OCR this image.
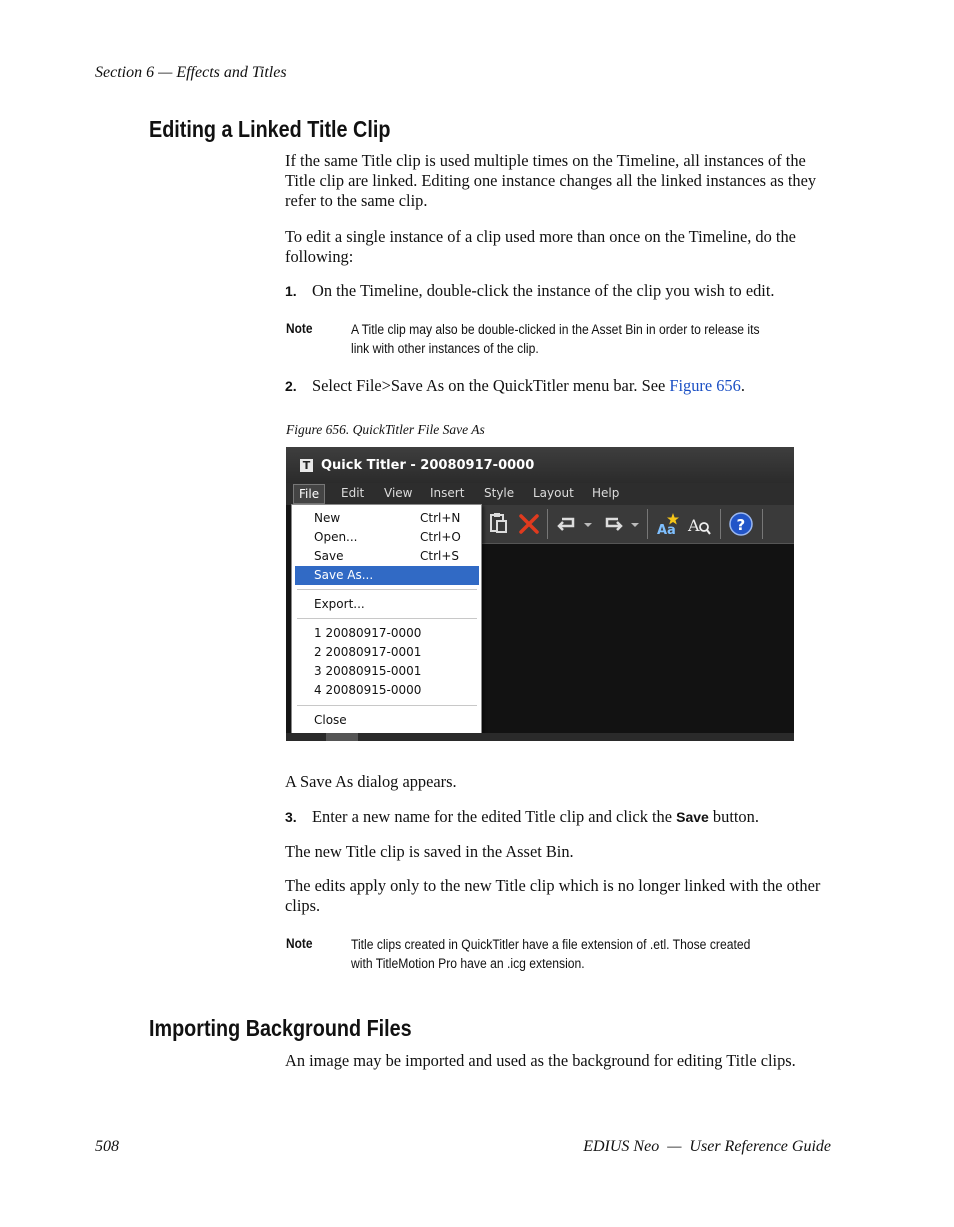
Section 6 — Effects and Titles
Editing a Linked Title Clip
If the same Title clip is used multiple times on the Timeline, all instances of the Title clip are linked. Editing one instance changes all the linked instances as they refer to the same clip.
To edit a single instance of a clip used more than once on the Timeline, do the following:
1. On the Timeline, double-click the instance of the clip you wish to edit.
Note	A Title clip may also be double-clicked in the Asset Bin in order to release its
link with other instances of the clip.
2. Select File>Save As on the QuickTitler menu bar. See Figure 656.
Figure 656. QuickTitler File Save As
T Quick Titler - 20080917-0000
File	Edit View Insert Style Layout Help
Aa A ?
New	Ctrl+N
Open...	Ctrl+O
Save	Ctrl+S
Save As...
Export...
1 20080917-0000
2 20080917-0001
3 20080915-0001
4 20080915-0000
Close
A Save As dialog appears.
3. Enter a new name for the edited Title clip and click the Save button.
The new Title clip is saved in the Asset Bin.
The edits apply only to the new Title clip which is no longer linked with the other clips.
Note	Title clips created in QuickTitler have a file extension of .etl. Those created
with TitleMotion Pro have an .icg extension.
Importing Background Files
An image may be imported and used as the background for editing Title clips.
508	EDIUS Neo  —  User Reference Guide
